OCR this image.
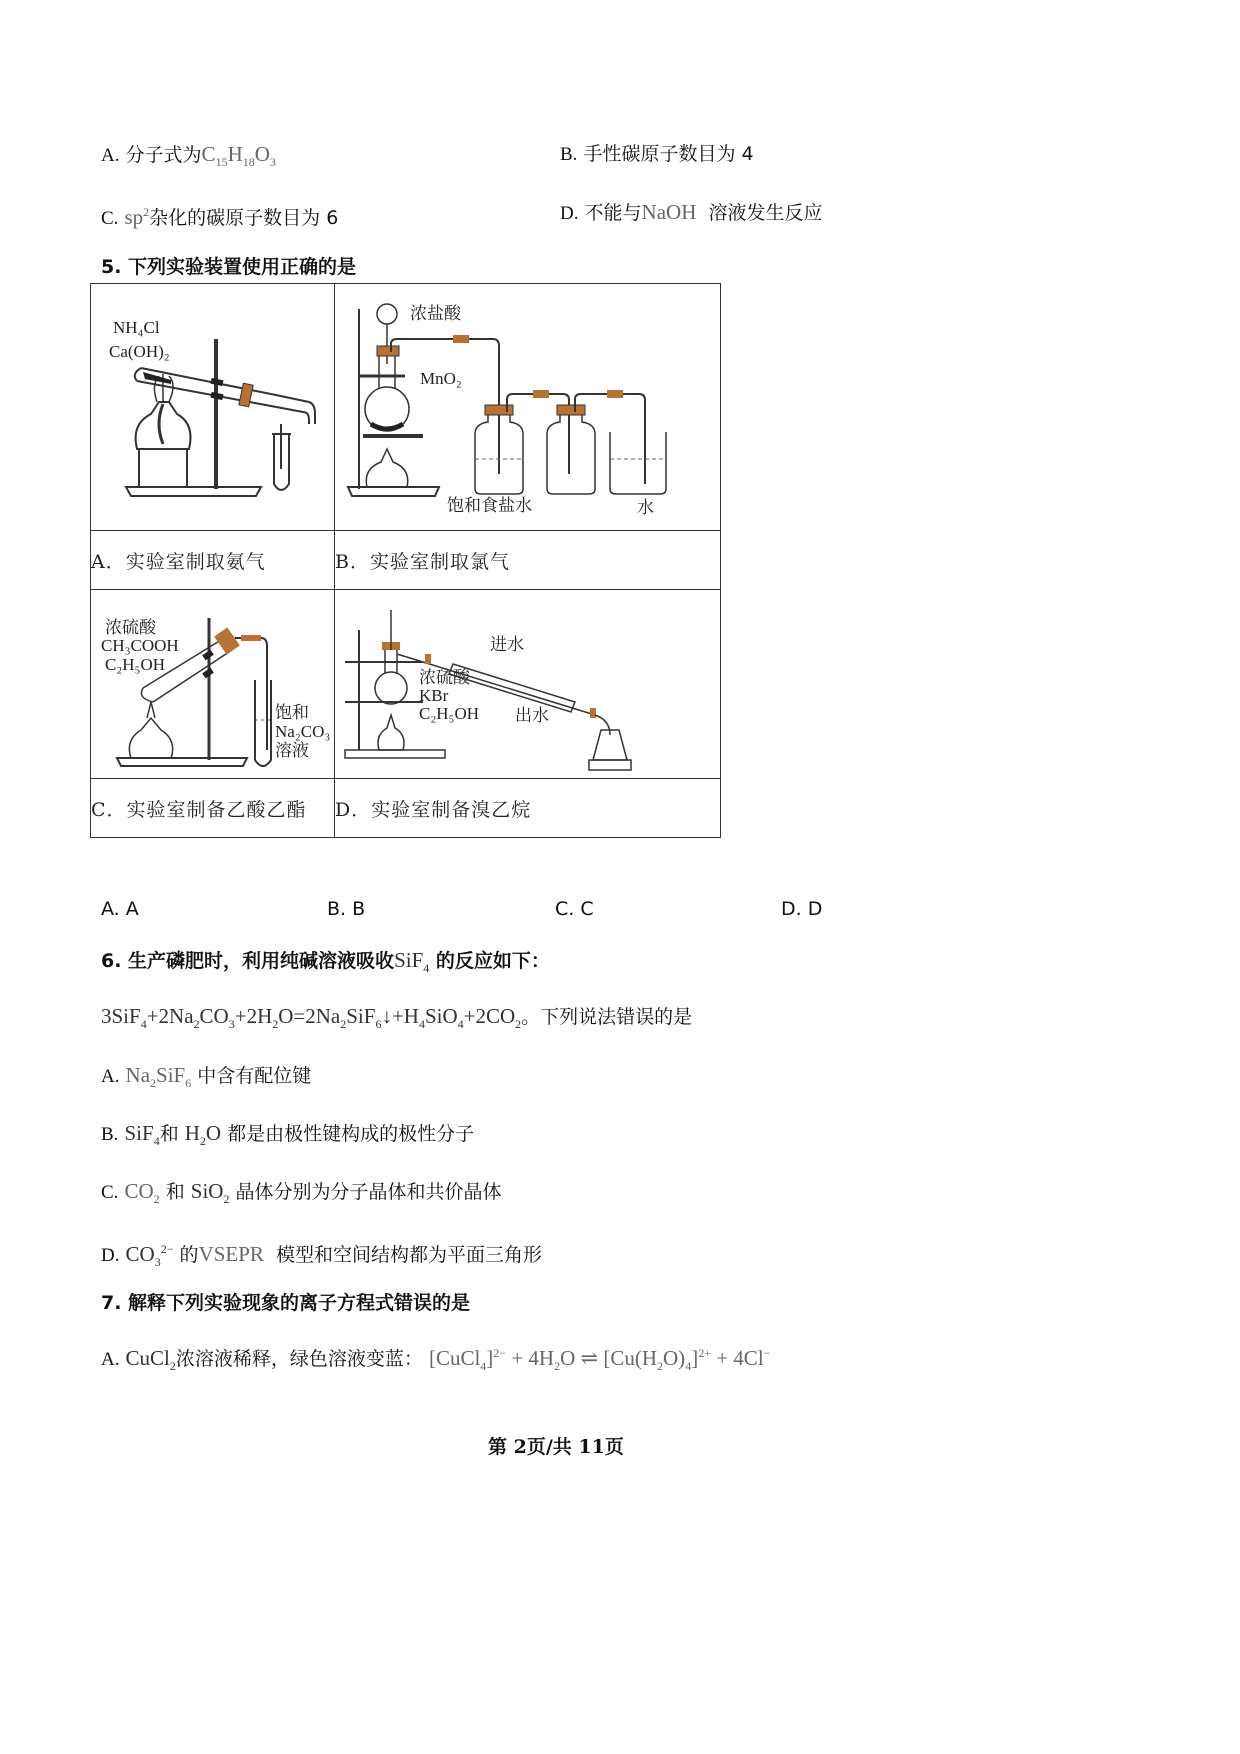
A. 分子式为$C_{15}H_{18}O_3$	B. 手性碳原子数目为 4
C. $sp^2$杂化的碳原子数目为 6	D. 不能与NaOH 溶液发生反应
5. 下列实验装置使用正确的是
NH₄Cl
Ca(OH)₂

浓盐酸
MnO₂
饱和食盐水	水

A．实验室制取氨气	B．实验室制取氯气

浓硫酸
CH₃COOH
C₂H₅OH
饱和
Na₂CO₃
溶液

进水
浓硫酸
KBr
C₂H₅OH 出水

C．实验室制备乙酸乙酯	D．实验室制备溴乙烷
A. A	B. B	C. C	D. D
6. 生产磷肥时，利用纯碱溶液吸收SiF$_4$ 的反应如下：
$3SiF_4+2Na_2CO_3+2H_2O=2Na_2SiF_6↓+H_4SiO_4+2CO_2$。下列说法错误的是
A. $Na_2SiF_6$ 中含有配位键
B. SiF$_4$和 $H_2O$ 都是由极性键构成的极性分子
C. $CO_2$ 和 SiO$_2$ 晶体分别为分子晶体和共价晶体
D. $CO_3^{2-}$ 的VSEPR 模型和空间结构都为平面三角形
7. 解释下列实验现象的离子方程式错误的是
A. CuCl$_2$浓溶液稀释，绿色溶液变蓝： [CuCl$_4$]$^{2-}$ + $4H_2O$ ⇌ $[Cu(H_2O)_4]^{2+} + 4Cl^-$
第 2页/共 11页
